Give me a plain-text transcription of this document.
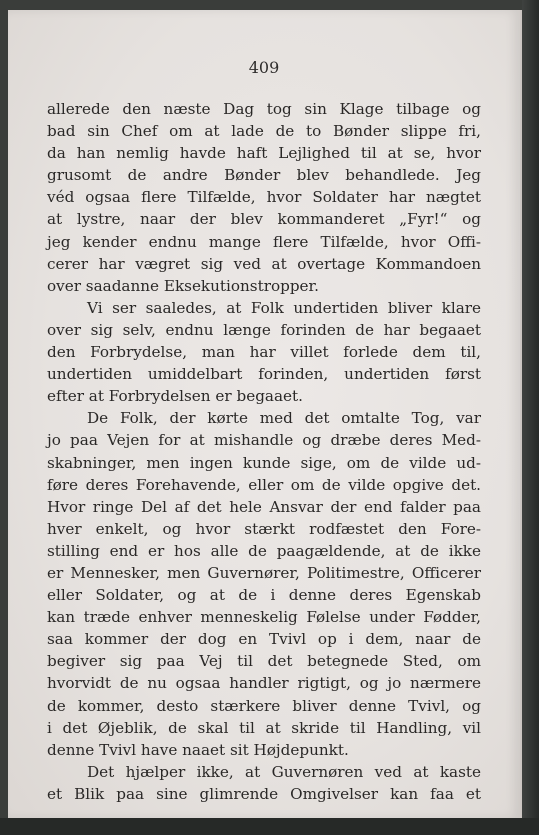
409

allerede den næste Dag tog sin Klage tilbage og
bad sin Chef om at lade de to Bønder slippe fri,
da han nemlig havde haft Lejlighed til at se, hvor
grusomt de andre Bønder blev behandlede. Jeg
véd ogsaa flere Tilfælde, hvor Soldater har nægtet
at lystre, naar der blev kommanderet „Fyr!“ og
jeg kender endnu mange flere Tilfælde, hvor Offi-
cerer har vægret sig ved at overtage Kommandoen
over saadanne Eksekutionstropper.
Vi ser saaledes, at Folk undertiden bliver klare
over sig selv, endnu længe forinden de har begaaet
den Forbrydelse, man har villet forlede dem til,
undertiden umiddelbart forinden, undertiden først
efter at Forbrydelsen er begaaet.
De Folk, der kørte med det omtalte Tog, var
jo paa Vejen for at mishandle og dræbe deres Med-
skabninger, men ingen kunde sige, om de vilde ud-
føre deres Forehavende, eller om de vilde opgive det.
Hvor ringe Del af det hele Ansvar der end falder paa
hver enkelt, og hvor stærkt rodfæstet den Fore-
stilling end er hos alle de paagældende, at de ikke
er Mennesker, men Guvernører, Politimestre, Officerer
eller Soldater, og at de i denne deres Egenskab
kan træde enhver menneskelig Følelse under Fødder,
saa kommer der dog en Tvivl op i dem, naar de
begiver sig paa Vej til det betegnede Sted, om
hvorvidt de nu ogsaa handler rigtigt, og jo nærmere
de kommer, desto stærkere bliver denne Tvivl, og
i det Øjeblik, de skal til at skride til Handling, vil
denne Tvivl have naaet sit Højdepunkt.
Det hjælper ikke, at Guvernøren ved at kaste
et Blik paa sine glimrende Omgivelser kan faa et
